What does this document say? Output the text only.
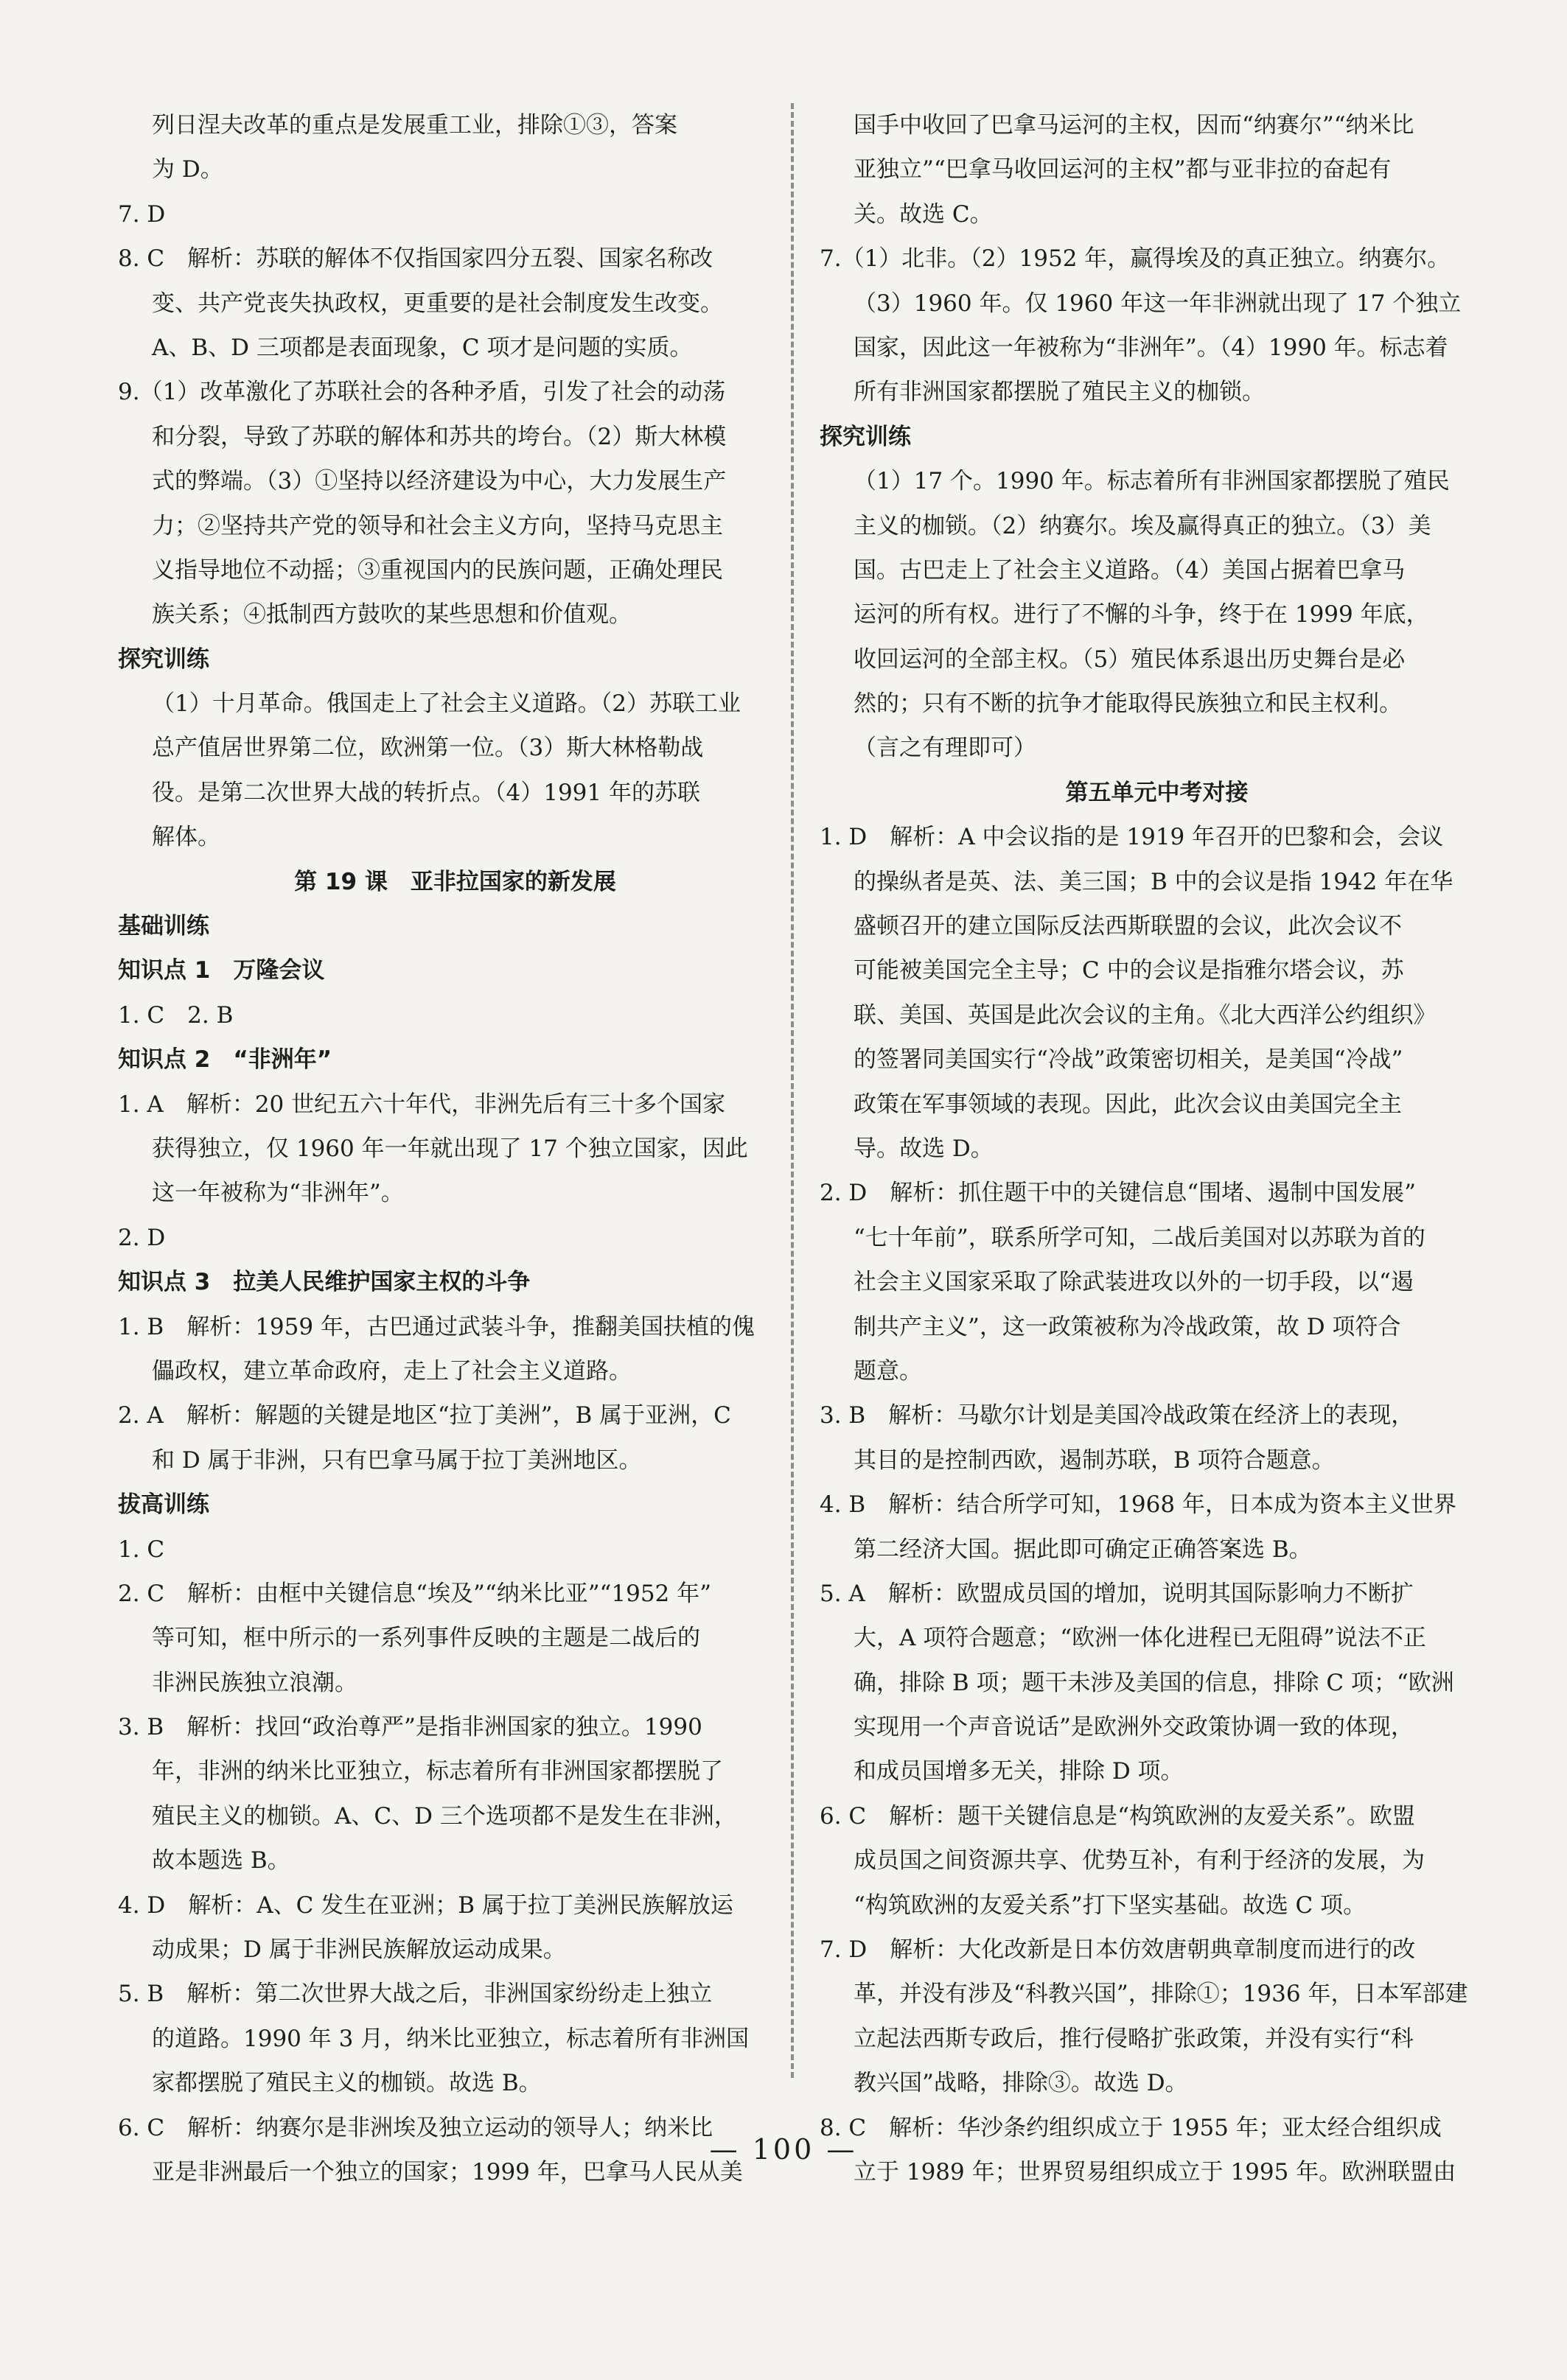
列日涅夫改革的重点是发展重工业，排除①③，答案

为 D。

7. D

8. C　解析：苏联的解体不仅指国家四分五裂、国家名称改

变、共产党丧失执政权，更重要的是社会制度发生改变。

A、B、D 三项都是表面现象，C 项才是问题的实质。

9.（1）改革激化了苏联社会的各种矛盾，引发了社会的动荡

和分裂，导致了苏联的解体和苏共的垮台。（2）斯大林模

式的弊端。（3）①坚持以经济建设为中心，大力发展生产

力；②坚持共产党的领导和社会主义方向，坚持马克思主

义指导地位不动摇；③重视国内的民族问题，正确处理民

族关系；④抵制西方鼓吹的某些思想和价值观。

探究训练

（1）十月革命。俄国走上了社会主义道路。（2）苏联工业

总产值居世界第二位，欧洲第一位。（3）斯大林格勒战

役。是第二次世界大战的转折点。（4）1991 年的苏联

解体。

第 19 课　亚非拉国家的新发展

基础训练

知识点 1　万隆会议

1. C　2. B

知识点 2　“非洲年”

1. A　解析：20 世纪五六十年代，非洲先后有三十多个国家

获得独立，仅 1960 年一年就出现了 17 个独立国家，因此

这一年被称为“非洲年”。

2. D

知识点 3　拉美人民维护国家主权的斗争

1. B　解析：1959 年，古巴通过武装斗争，推翻美国扶植的傀

儡政权，建立革命政府，走上了社会主义道路。

2. A　解析：解题的关键是地区“拉丁美洲”，B 属于亚洲，C

和 D 属于非洲，只有巴拿马属于拉丁美洲地区。

拔高训练

1. C

2. C　解析：由框中关键信息“埃及”“纳米比亚”“1952 年”

等可知，框中所示的一系列事件反映的主题是二战后的

非洲民族独立浪潮。

3. B　解析：找回“政治尊严”是指非洲国家的独立。1990

年，非洲的纳米比亚独立，标志着所有非洲国家都摆脱了

殖民主义的枷锁。A、C、D 三个选项都不是发生在非洲，

故本题选 B。

4. D　解析：A、C 发生在亚洲；B 属于拉丁美洲民族解放运

动成果；D 属于非洲民族解放运动成果。

5. B　解析：第二次世界大战之后，非洲国家纷纷走上独立

的道路。1990 年 3 月，纳米比亚独立，标志着所有非洲国

家都摆脱了殖民主义的枷锁。故选 B。

6. C　解析：纳赛尔是非洲埃及独立运动的领导人；纳米比

亚是非洲最后一个独立的国家；1999 年，巴拿马人民从美

国手中收回了巴拿马运河的主权，因而“纳赛尔”“纳米比

亚独立”“巴拿马收回运河的主权”都与亚非拉的奋起有

关。故选 C。

7.（1）北非。（2）1952 年，赢得埃及的真正独立。纳赛尔。

（3）1960 年。仅 1960 年这一年非洲就出现了 17 个独立

国家，因此这一年被称为“非洲年”。（4）1990 年。标志着

所有非洲国家都摆脱了殖民主义的枷锁。

探究训练

（1）17 个。1990 年。标志着所有非洲国家都摆脱了殖民

主义的枷锁。（2）纳赛尔。埃及赢得真正的独立。（3）美

国。古巴走上了社会主义道路。（4）美国占据着巴拿马

运河的所有权。进行了不懈的斗争，终于在 1999 年底，

收回运河的全部主权。（5）殖民体系退出历史舞台是必

然的；只有不断的抗争才能取得民族独立和民主权利。

（言之有理即可）

第五单元中考对接

1. D　解析：A 中会议指的是 1919 年召开的巴黎和会，会议

的操纵者是英、法、美三国；B 中的会议是指 1942 年在华

盛顿召开的建立国际反法西斯联盟的会议，此次会议不

可能被美国完全主导；C 中的会议是指雅尔塔会议，苏

联、美国、英国是此次会议的主角。《北大西洋公约组织》

的签署同美国实行“冷战”政策密切相关，是美国“冷战”

政策在军事领域的表现。因此，此次会议由美国完全主

导。故选 D。

2. D　解析：抓住题干中的关键信息“围堵、遏制中国发展”

“七十年前”，联系所学可知，二战后美国对以苏联为首的

社会主义国家采取了除武装进攻以外的一切手段，以“遏

制共产主义”，这一政策被称为冷战政策，故 D 项符合

题意。

3. B　解析：马歇尔计划是美国冷战政策在经济上的表现，

其目的是控制西欧，遏制苏联，B 项符合题意。

4. B　解析：结合所学可知，1968 年，日本成为资本主义世界

第二经济大国。据此即可确定正确答案选 B。

5. A　解析：欧盟成员国的增加，说明其国际影响力不断扩

大，A 项符合题意；“欧洲一体化进程已无阻碍”说法不正

确，排除 B 项；题干未涉及美国的信息，排除 C 项；“欧洲

实现用一个声音说话”是欧洲外交政策协调一致的体现，

和成员国增多无关，排除 D 项。

6. C　解析：题干关键信息是“构筑欧洲的友爱关系”。欧盟

成员国之间资源共享、优势互补，有利于经济的发展，为

“构筑欧洲的友爱关系”打下坚实基础。故选 C 项。

7. D　解析：大化改新是日本仿效唐朝典章制度而进行的改

革，并没有涉及“科教兴国”，排除①；1936 年，日本军部建

立起法西斯专政后，推行侵略扩张政策，并没有实行“科

教兴国”战略，排除③。故选 D。

8. C　解析：华沙条约组织成立于 1955 年；亚太经合组织成

立于 1989 年；世界贸易组织成立于 1995 年。欧洲联盟由

— 100 —
